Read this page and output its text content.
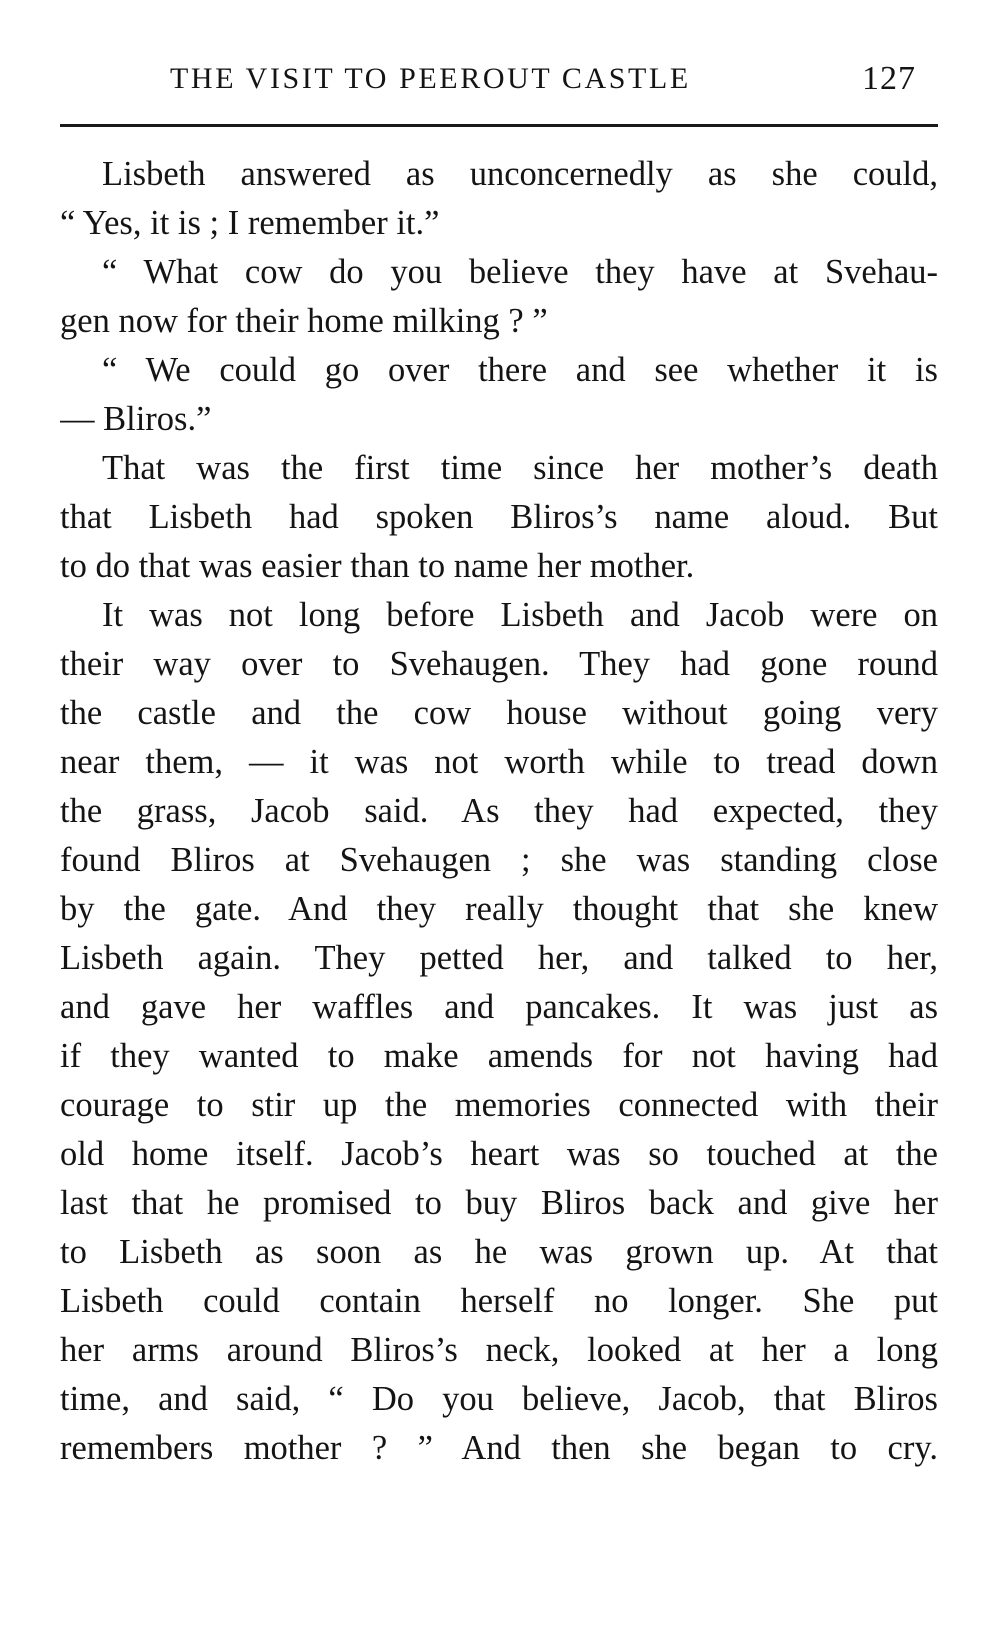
THE VISIT TO PEEROUT CASTLE	127
Lisbeth answered as unconcernedly as she could,
“ Yes, it is ; I remember it.”
“ What cow do you believe they have at Svehau-
gen now for their home milking ? ”
“ We could go over there and see whether it is
— Bliros.”
That was the first time since her mother’s death
that Lisbeth had spoken Bliros’s name aloud. But
to do that was easier than to name her mother.
It was not long before Lisbeth and Jacob were on
their way over to Svehaugen. They had gone round
the castle and the cow house without going very
near them, — it was not worth while to tread down
the grass, Jacob said. As they had expected, they
found Bliros at Svehaugen ; she was standing close
by the gate. And they really thought that she knew
Lisbeth again. They petted her, and talked to her,
and gave her waffles and pancakes. It was just as
if they wanted to make amends for not having had
courage to stir up the memories connected with their
old home itself. Jacob’s heart was so touched at the
last that he promised to buy Bliros back and give her
to Lisbeth as soon as he was grown up. At that
Lisbeth could contain herself no longer. She put
her arms around Bliros’s neck, looked at her a long
time, and said, “ Do you believe, Jacob, that Bliros
remembers mother ? ” And then she began to cry.
